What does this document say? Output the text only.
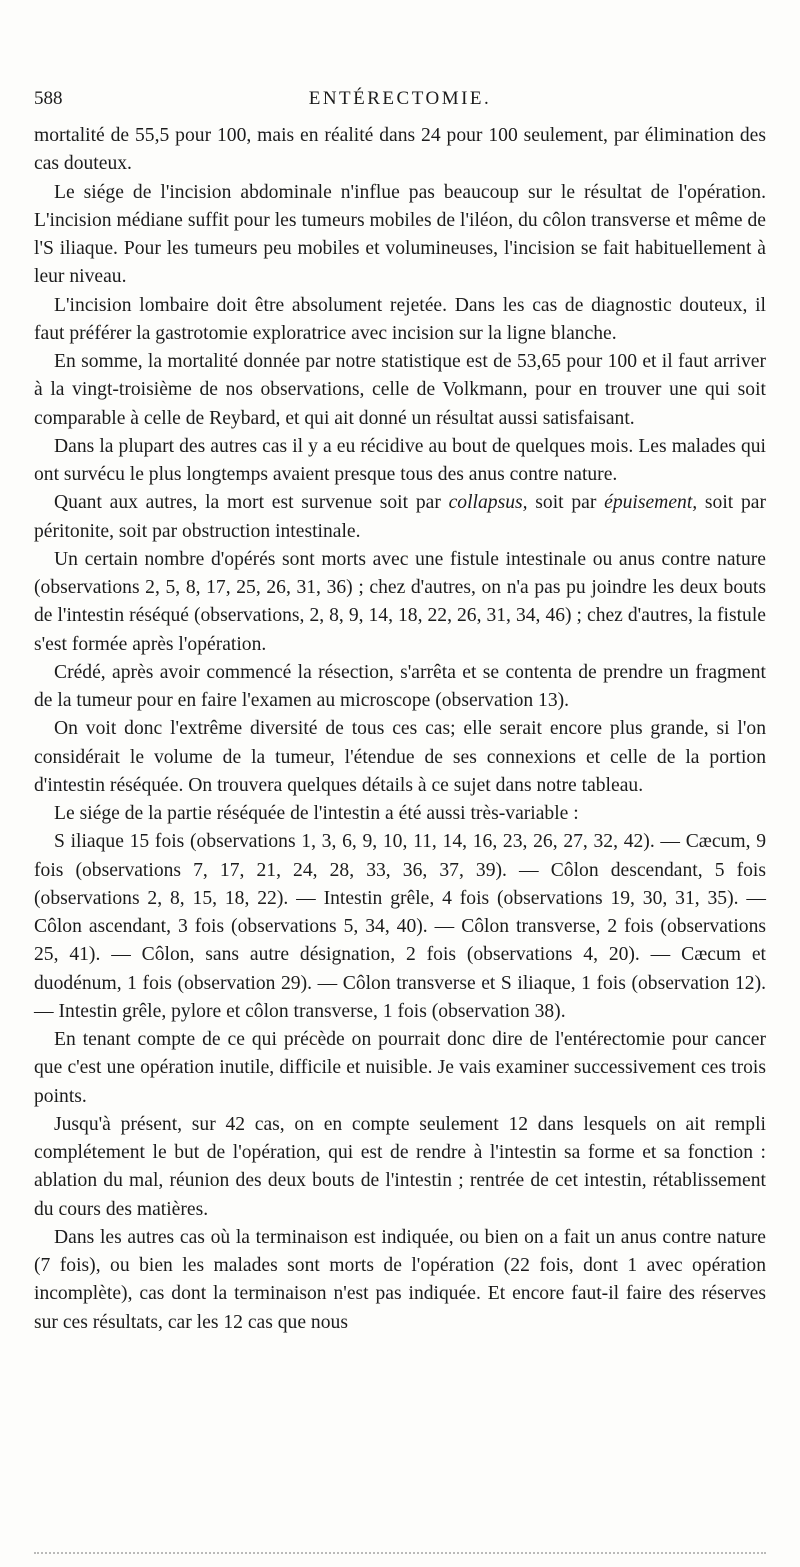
588	ENTÉRECTOMIE.

mortalité de 55,5 pour 100, mais en réalité dans 24 pour 100 seulement, par élimination des cas douteux.

Le siége de l'incision abdominale n'influe pas beaucoup sur le résultat de l'opération. L'incision médiane suffit pour les tumeurs mobiles de l'iléon, du côlon transverse et même de l'S iliaque. Pour les tumeurs peu mobiles et volumineuses, l'incision se fait habituellement à leur niveau.

L'incision lombaire doit être absolument rejetée. Dans les cas de diagnostic douteux, il faut préférer la gastrotomie exploratrice avec incision sur la ligne blanche.

En somme, la mortalité donnée par notre statistique est de 53,65 pour 100 et il faut arriver à la vingt-troisième de nos observations, celle de Volkmann, pour en trouver une qui soit comparable à celle de Reybard, et qui ait donné un résultat aussi satisfaisant.

Dans la plupart des autres cas il y a eu récidive au bout de quelques mois. Les malades qui ont survécu le plus longtemps avaient presque tous des anus contre nature.

Quant aux autres, la mort est survenue soit par collapsus, soit par épuisement, soit par péritonite, soit par obstruction intestinale.

Un certain nombre d'opérés sont morts avec une fistule intestinale ou anus contre nature (observations 2, 5, 8, 17, 25, 26, 31, 36) ; chez d'autres, on n'a pas pu joindre les deux bouts de l'intestin réséqué (observations, 2, 8, 9, 14, 18, 22, 26, 31, 34, 46) ; chez d'autres, la fistule s'est formée après l'opération.

Crédé, après avoir commencé la résection, s'arrêta et se contenta de prendre un fragment de la tumeur pour en faire l'examen au microscope (observation 13).

On voit donc l'extrême diversité de tous ces cas; elle serait encore plus grande, si l'on considérait le volume de la tumeur, l'étendue de ses connexions et celle de la portion d'intestin réséquée. On trouvera quelques détails à ce sujet dans notre tableau.

Le siége de la partie réséquée de l'intestin a été aussi très-variable :

S iliaque 15 fois (observations 1, 3, 6, 9, 10, 11, 14, 16, 23, 26, 27, 32, 42). — Cæcum, 9 fois (observations 7, 17, 21, 24, 28, 33, 36, 37, 39). — Côlon descendant, 5 fois (observations 2, 8, 15, 18, 22). — Intestin grêle, 4 fois (observations 19, 30, 31, 35). — Côlon ascendant, 3 fois (observations 5, 34, 40). — Côlon transverse, 2 fois (observations 25, 41). — Côlon, sans autre désignation, 2 fois (observations 4, 20). — Cæcum et duodénum, 1 fois (observation 29). — Côlon transverse et S iliaque, 1 fois (observation 12). — Intestin grêle, pylore et côlon transverse, 1 fois (observation 38).

En tenant compte de ce qui précède on pourrait donc dire de l'entérectomie pour cancer que c'est une opération inutile, difficile et nuisible. Je vais examiner successivement ces trois points.

Jusqu'à présent, sur 42 cas, on en compte seulement 12 dans lesquels on ait rempli complétement le but de l'opération, qui est de rendre à l'intestin sa forme et sa fonction : ablation du mal, réunion des deux bouts de l'intestin ; rentrée de cet intestin, rétablissement du cours des matières.

Dans les autres cas où la terminaison est indiquée, ou bien on a fait un anus contre nature (7 fois), ou bien les malades sont morts de l'opération (22 fois, dont 1 avec opération incomplète), cas dont la terminaison n'est pas indiquée. Et encore faut-il faire des réserves sur ces résultats, car les 12 cas que nous
